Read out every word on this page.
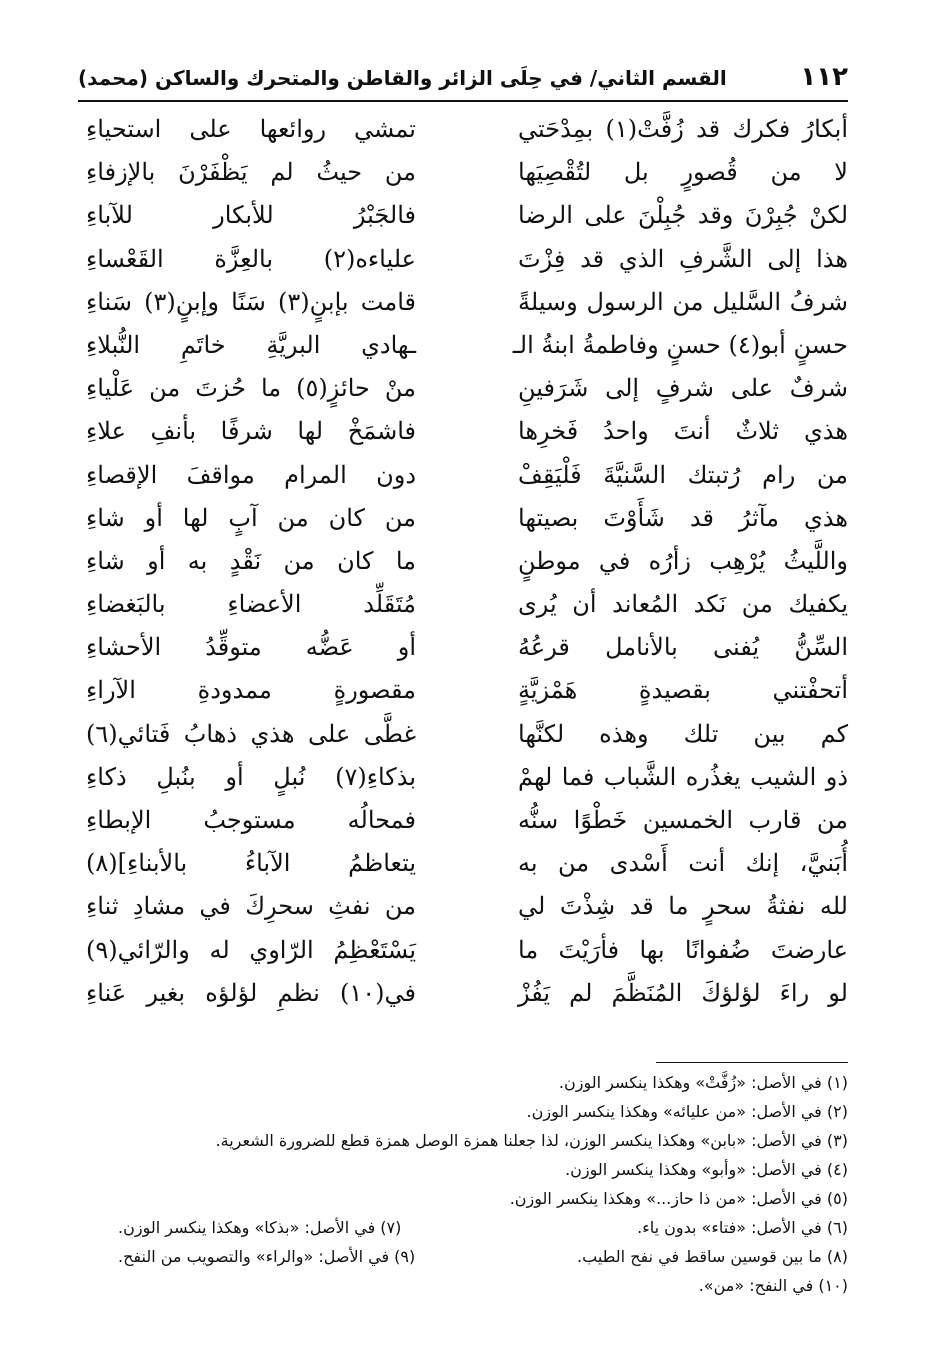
١١٢
القسم الثاني/ في حِلَى الزائر والقاطن والمتحرك والساكن (محمد)
أبكارُ فكرك قد زُفَّتْ(١) بمِدْحَتي
تمشي روائعها على استحياءِ
لا من قُصورٍ بل لتُقْصِيَها
من حيثُ لم يَظْفَرْنَ بالإزفاءِ
لكنْ جُبِرْنَ وقد جُبِلْنَ على الرضا
فالجَبْرُ للأبكار للآباءِ
هذا إلى الشَّرفِ الذي قد فِزْتَ
علياءه(٢) بالعِزَّة القَعْساءِ
شرفُ السَّليل من الرسول وسيلةً
قامت بإبنٍ(٣) سَنًا وإبنٍ(٣) سَناءِ
حسنٍ أبو(٤) حسنٍ وفاطمةُ ابنةُ الـ
ـهادي البريَّةِ خاتَمِ النُّبلاءِ
شرفٌ على شرفٍ إلى شَرَفينِ
منْ حائزٍ(٥) ما حُزتَ من عَلْياءِ
هذي ثلاثٌ أنتَ واحدُ فَخرِها
فاشمَخْ لها شرفًا بأنفِ علاءِ
من رام رُتبتك السَّنيَّةَ فَلْيَقِفْ
دون المرام مواقفَ الإقصاءِ
هذي مآثرُ قد شَأَوْتَ بصيتها
من كان من آبٍ لها أو شاءِ
واللَّيثُ يُرْهِب زأرُه في موطنٍ
ما كان من نَقْدٍ به أو شاءِ
يكفيك من نَكد المُعاند أن يُرى
مُتَقَلِّد الأعضاءِ بالبَغضاءِ
السِّنُّ يُفنى بالأنامل قرعُهُ
أو عَضُّه متوقِّدُ الأحشاءِ
أتحفْتني بقصيدةٍ هَمْزيَّةٍ
مقصورةٍ ممدودةِ الآراءِ
كم بين تلك وهذه لكنَّها
غطَّى على هذي ذهابُ فَتائي(٦)
ذو الشيب يغذُره الشَّباب فما لهمْ
بذكاءِ(٧) نُبلٍ أو بنُبلِ ذكاءِ
من قارب الخمسين خَطْوًا سنُّه
فمحالُه مستوجبُ الإبطاءِ
أُبَنيَّ، إنك أنت أَسْدى من به
يتعاظمُ الآباءُ بالأبناءِ](٨)
لله نفثةُ سحرٍ ما قد شِذْتَ لي
من نفثِ سحرِكَ في مشادِ ثناءِ
عارضتَ ضُفوانًا بها فأرَيْتَ ما
يَسْتَعْظِمُ الرّاوي له والرّائي(٩)
لو راءَ لؤلؤكَ المُنَظَّمَ لم يَفُزْ
في(١٠) نظمِ لؤلؤه بغير عَناءِ
(١) في الأصل: «زُفَّتْ» وهكذا ينكسر الوزن.
(٢) في الأصل: «من عليائه» وهكذا ينكسر الوزن.
(٣) في الأصل: «بابن» وهكذا ينكسر الوزن، لذا جعلنا همزة الوصل همزة قطع للضرورة الشعرية.
(٤) في الأصل: «وأبو» وهكذا ينكسر الوزن.
(٥) في الأصل: «من ذا حاز...» وهكذا ينكسر الوزن.
(٦) في الأصل: «فتاء» بدون ياء.
(٧) في الأصل: «بذكا» وهكذا ينكسر الوزن.
(٨) ما بين قوسين ساقط في نفح الطيب.
(٩) في الأصل: «والراء» والتصويب من النفح.
(١٠) في النفح: «من».
